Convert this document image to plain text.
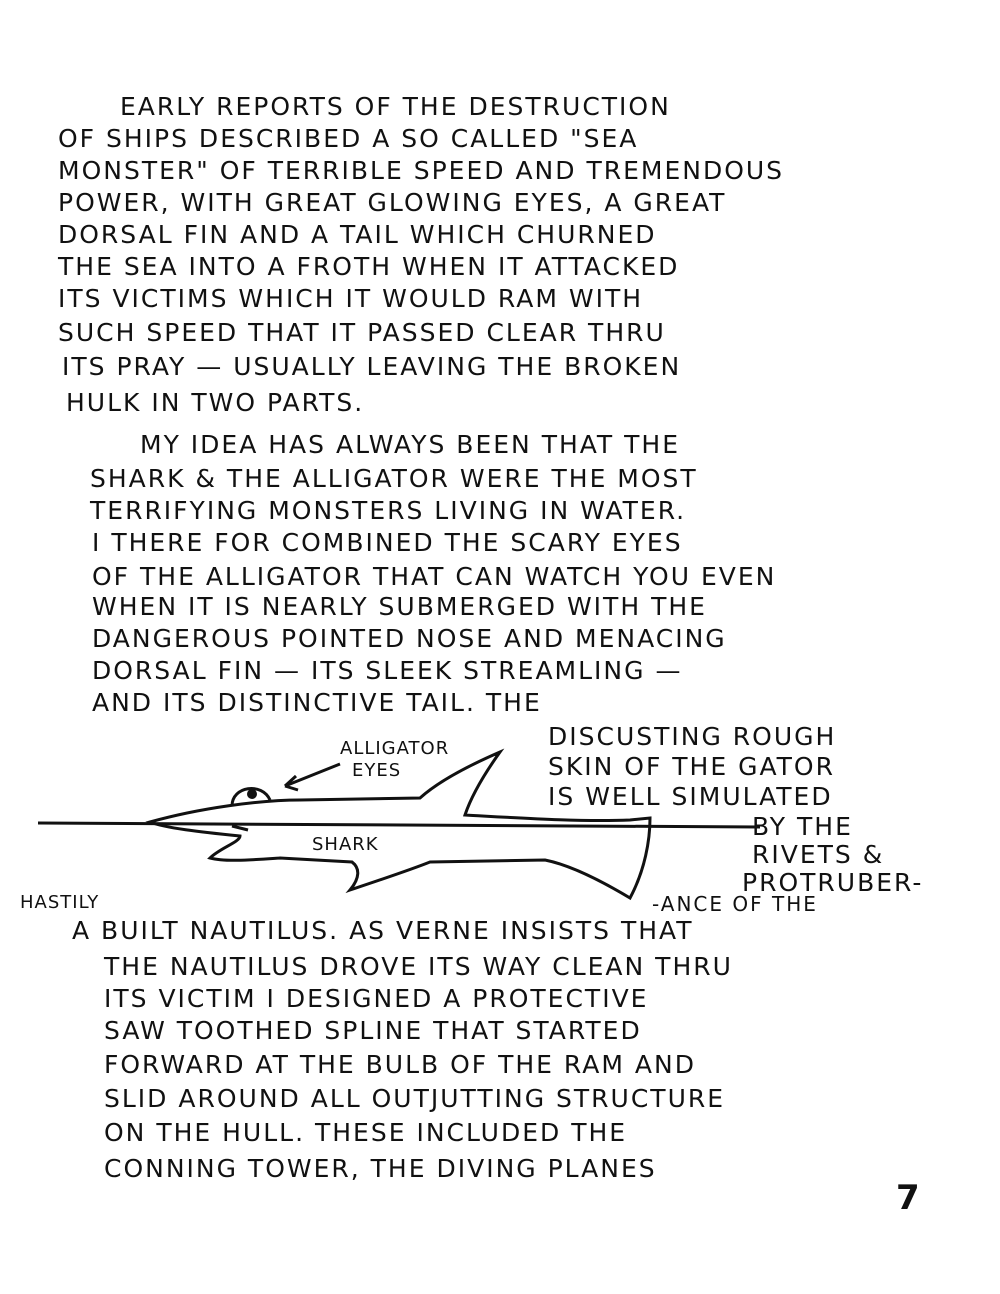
EARLY REPORTS OF THE DESTRUCTION
OF SHIPS DESCRIBED A SO CALLED "SEA
MONSTER" OF TERRIBLE SPEED AND TREMENDOUS
POWER, WITH GREAT GLOWING EYES, A GREAT
DORSAL FIN AND A TAIL WHICH CHURNED
THE SEA INTO A FROTH WHEN IT ATTACKED
ITS VICTIMS WHICH IT WOULD RAM WITH
SUCH SPEED THAT IT PASSED CLEAR THRU
ITS PRAY — USUALLY LEAVING THE BROKEN
HULK IN TWO PARTS.
MY IDEA HAS ALWAYS BEEN THAT THE
SHARK & THE ALLIGATOR WERE THE MOST
TERRIFYING MONSTERS LIVING IN WATER.
I THERE FOR COMBINED THE SCARY EYES
OF THE ALLIGATOR THAT CAN WATCH YOU EVEN
WHEN IT IS NEARLY SUBMERGED WITH THE
DANGEROUS POINTED NOSE AND MENACING
DORSAL FIN — ITS SLEEK STREAMLING —
AND ITS DISTINCTIVE TAIL. THE
DISCUSTING ROUGH
SKIN OF THE GATOR
IS WELL SIMULATED
BY THE
RIVETS &
PROTRUBER-
-ANCE OF THE
ALLIGATOR
EYES
SHARK
HASTILY
A BUILT NAUTILUS. AS VERNE INSISTS THAT
THE NAUTILUS DROVE ITS WAY CLEAN THRU
ITS VICTIM I DESIGNED A PROTECTIVE
SAW TOOTHED SPLINE THAT STARTED
FORWARD AT THE BULB OF THE RAM AND
SLID AROUND ALL OUTJUTTING STRUCTURE
ON THE HULL. THESE INCLUDED THE
CONNING TOWER, THE DIVING PLANES
7
